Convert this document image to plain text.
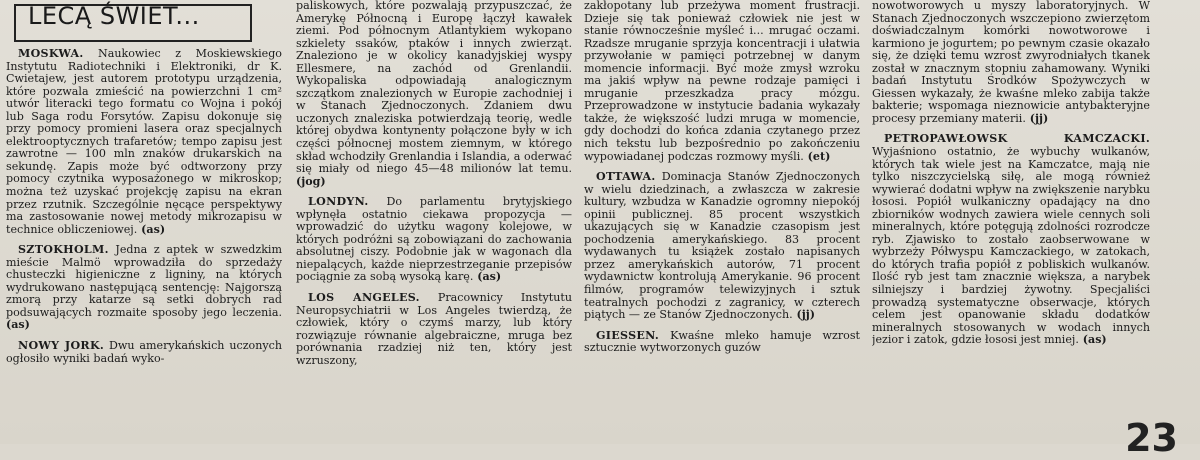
LECĄ ŚWIET...

MOSKWA. Naukowiec z Moskiewskiego Instytutu Radiotechniki i Elektroniki, dr K. Cwietajew, jest autorem prototypu urządzenia, które pozwala zmieścić na powierzchni 1 cm² utwór literacki tego formatu co Wojna i pokój lub Saga rodu Forsytów. Zapisu dokonuje się przy pomocy promieni lasera oraz specjalnych elektrooptycznych trafaretów; tempo zapisu jest zawrotne — 100 mln znaków drukarskich na sekundę. Zapis może być odtworzony przy pomocy czytnika wyposażonego w mikroskop; można też uzyskać projekcję zapisu na ekran przez rzutnik. Szczególnie nęcące perspektywy ma zastosowanie nowej metody mikrozapisu w technice obliczeniowej. (as)

SZTOKHOLM. Jedna z aptek w szwedzkim mieście Malmö wprowadziła do sprzedaży chusteczki higieniczne z ligniny, na których wydrukowano następującą sentencję: Najgorszą zmorą przy katarze są setki dobrych rad podsuwających rozmaite sposoby jego leczenia. (as)

NOWY JORK. Dwu amerykańskich uczonych ogłosiło wyniki badań wyko-

paliskowych, które pozwalają przypuszczać, że Amerykę Północną i Europę łączył kawałek ziemi. Pod północnym Atlantykiem wykopano szkielety ssaków, ptaków i innych zwierząt. Znaleziono je w okolicy kanadyjskiej wyspy Ellesmere, na zachód od Grenlandii. Wykopaliska odpowiadają analogicznym szczątkom znalezionych w Europie zachodniej i w Stanach Zjednoczonych. Zdaniem dwu uczonych znaleziska potwierdzają teorię, wedle której obydwa kontynenty połączone były w ich części północnej mostem ziemnym, w którego skład wchodziły Grenlandia i Islandia, a oderwać się miały od niego 45—48 milionów lat temu. (jog)

LONDYN. Do parlamentu brytyjskiego wpłynęła ostatnio ciekawa propozycja — wprowadzić do użytku wagony kolejowe, w których podróżni są zobowiązani do zachowania absolutnej ciszy. Podobnie jak w wagonach dla niepalących, każde nieprzestrzeganie przepisów pociągnie za sobą wysoką karę. (as)

LOS ANGELES. Pracownicy Instytutu Neuropsychiatrii w Los Angeles twierdzą, że człowiek, który o czymś marzy, lub który rozwiązuje równanie algebraiczne, mruga bez porównania rzadziej niż ten, który jest wzruszony,

zakłopotany lub przeżywa moment frustracji. Dzieje się tak ponieważ człowiek nie jest w stanie równocześnie myśleć i... mrugać oczami. Rzadsze mruganie sprzyja koncentracji i ułatwia przywołanie w pamięci potrzebnej w danym momencie informacji. Być może zmysł wzroku ma jakiś wpływ na pewne rodzaje pamięci i mruganie przeszkadza pracy mózgu. Przeprowadzone w instytucie badania wykazały także, że większość ludzi mruga w momencie, gdy dochodzi do końca zdania czytanego przez nich tekstu lub bezpośrednio po zakończeniu wypowiadanej podczas rozmowy myśli. (et)

OTTAWA. Dominacja Stanów Zjednoczonych w wielu dziedzinach, a zwłaszcza w zakresie kultury, wzbudza w Kanadzie ogromny niepokój opinii publicznej. 85 procent wszystkich ukazujących się w Kanadzie czasopism jest pochodzenia amerykańskiego. 83 procent wydawanych tu książek zostało napisanych przez amerykańskich autorów, 71 procent wydawnictw kontrolują Amerykanie. 96 procent filmów, programów telewizyjnych i sztuk teatralnych pochodzi z zagranicy, w czterech piątych — ze Stanów Zjednoczonych. (jj)

GIESSEN. Kwaśne mleko hamuje wzrost sztucznie wytworzonych guzów

nowotworowych u myszy laboratoryjnych. W Stanach Zjednoczonych wszczepiono zwierzętom doświadczalnym komórki nowotworowe i karmiono je jogurtem; po pewnym czasie okazało się, że dzięki temu wzrost zwyrodniałych tkanek został w znacznym stopniu zahamowany. Wyniki badań Instytutu Środków Spożywczych w Giessen wykazały, że kwaśne mleko zabija także bakterie; wspomaga nieznowicie antybakteryjne procesy przemiany materii. (jj)

PETROPAWŁOWSK KAMCZACKI. Wyjaśniono ostatnio, że wybuchy wulkanów, których tak wiele jest na Kamczatce, mają nie tylko niszczycielską siłę, ale mogą również wywierać dodatni wpływ na zwiększenie narybku łososi. Popiół wulkaniczny opadający na dno zbiorników wodnych zawiera wiele cennych soli mineralnych, które potęgują zdolności rozrodcze ryb. Zjawisko to zostało zaobserwowane w wybrzeży Półwyspu Kamczackiego, w zatokach, do których trafia popiół z pobliskich wulkanów. Ilość ryb jest tam znacznie większa, a narybek silniejszy i bardziej żywotny. Specjaliści prowadzą systematyczne obserwacje, których celem jest opanowanie składu dodatków mineralnych stosowanych w wodach innych jezior i zatok, gdzie łososi jest mniej. (as)

23
